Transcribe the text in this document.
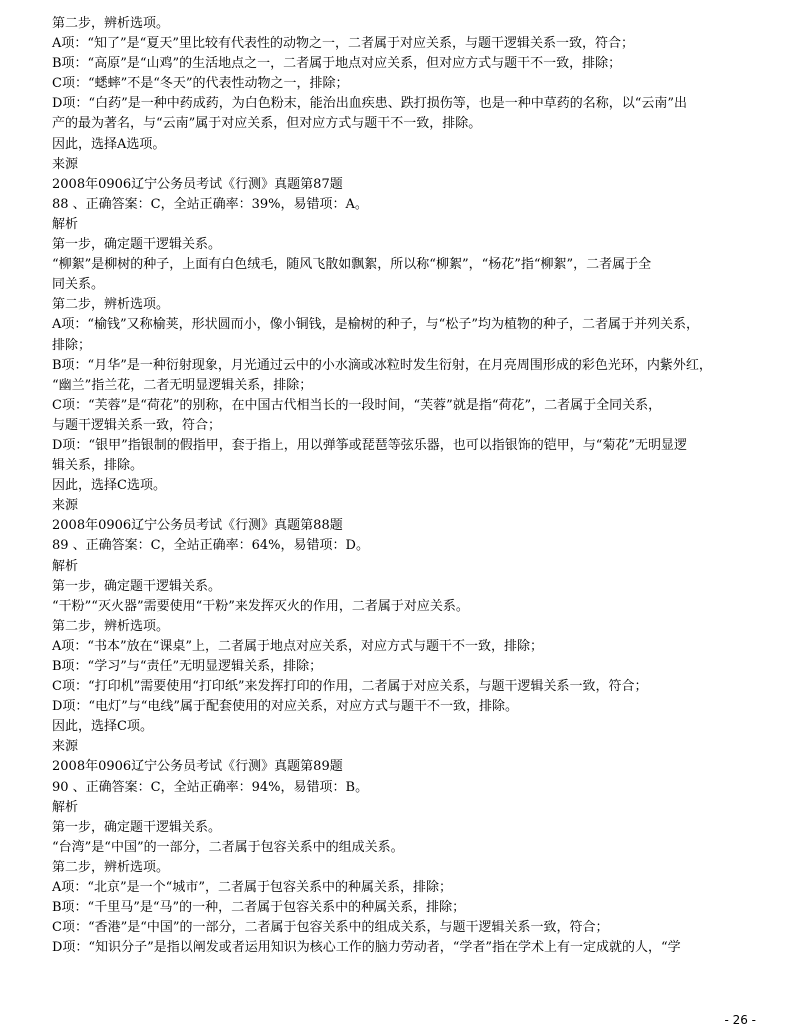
第二步，辨析选项。
A项：“知了”是“夏天”里比较有代表性的动物之一，二者属于对应关系，与题干逻辑关系一致，符合；
B项：“高原”是“山鸡”的生活地点之一，二者属于地点对应关系，但对应方式与题干不一致，排除；
C项：“蟋蟀”不是“冬天”的代表性动物之一，排除；
D项：“白药”是一种中药成药，为白色粉末，能治出血疾患、跌打损伤等，也是一种中草药的名称，以“云南”出
产的最为著名，与“云南”属于对应关系，但对应方式与题干不一致，排除。
因此，选择A选项。
来源
2008年0906辽宁公务员考试《行测》真题第87题
88 、正确答案：C，全站正确率：39%，易错项：A。
解析
第一步，确定题干逻辑关系。
“柳絮”是柳树的种子，上面有白色绒毛，随风飞散如飘絮，所以称“柳絮”，“杨花”指“柳絮”，二者属于全
同关系。
第二步，辨析选项。
A项：“榆钱”又称榆荚，形状圆而小，像小铜钱，是榆树的种子，与“松子”均为植物的种子，二者属于并列关系，
排除；
B项：“月华”是一种衍射现象，月光通过云中的小水滴或冰粒时发生衍射，在月亮周围形成的彩色光环，内紫外红，
“幽兰”指兰花，二者无明显逻辑关系，排除；
C项：“芙蓉”是“荷花”的别称，在中国古代相当长的一段时间，“芙蓉”就是指“荷花”，二者属于全同关系，
与题干逻辑关系一致，符合；
D项：“银甲”指银制的假指甲，套于指上，用以弹筝或琵琶等弦乐器，也可以指银饰的铠甲，与“菊花”无明显逻
辑关系，排除。
因此，选择C选项。
来源
2008年0906辽宁公务员考试《行测》真题第88题
89 、正确答案：C，全站正确率：64%，易错项：D。
解析
第一步，确定题干逻辑关系。
“干粉”“灭火器”需要使用“干粉”来发挥灭火的作用，二者属于对应关系。
第二步，辨析选项。
A项：“书本”放在“课桌”上，二者属于地点对应关系，对应方式与题干不一致，排除；
B项：“学习”与“责任”无明显逻辑关系，排除；
C项：“打印机”需要使用“打印纸”来发挥打印的作用，二者属于对应关系，与题干逻辑关系一致，符合；
D项：“电灯”与“电线”属于配套使用的对应关系，对应方式与题干不一致，排除。
因此，选择C项。
来源
2008年0906辽宁公务员考试《行测》真题第89题
90 、正确答案：C，全站正确率：94%，易错项：B。
解析
第一步，确定题干逻辑关系。
“台湾”是“中国”的一部分，二者属于包容关系中的组成关系。
第二步，辨析选项。
A项：“北京”是一个“城市”，二者属于包容关系中的种属关系，排除；
B项：“千里马”是“马”的一种，二者属于包容关系中的种属关系，排除；
C项：“香港”是“中国”的一部分，二者属于包容关系中的组成关系，与题干逻辑关系一致，符合；
D项：“知识分子”是指以阐发或者运用知识为核心工作的脑力劳动者，“学者”指在学术上有一定成就的人，“学
- 26 -
